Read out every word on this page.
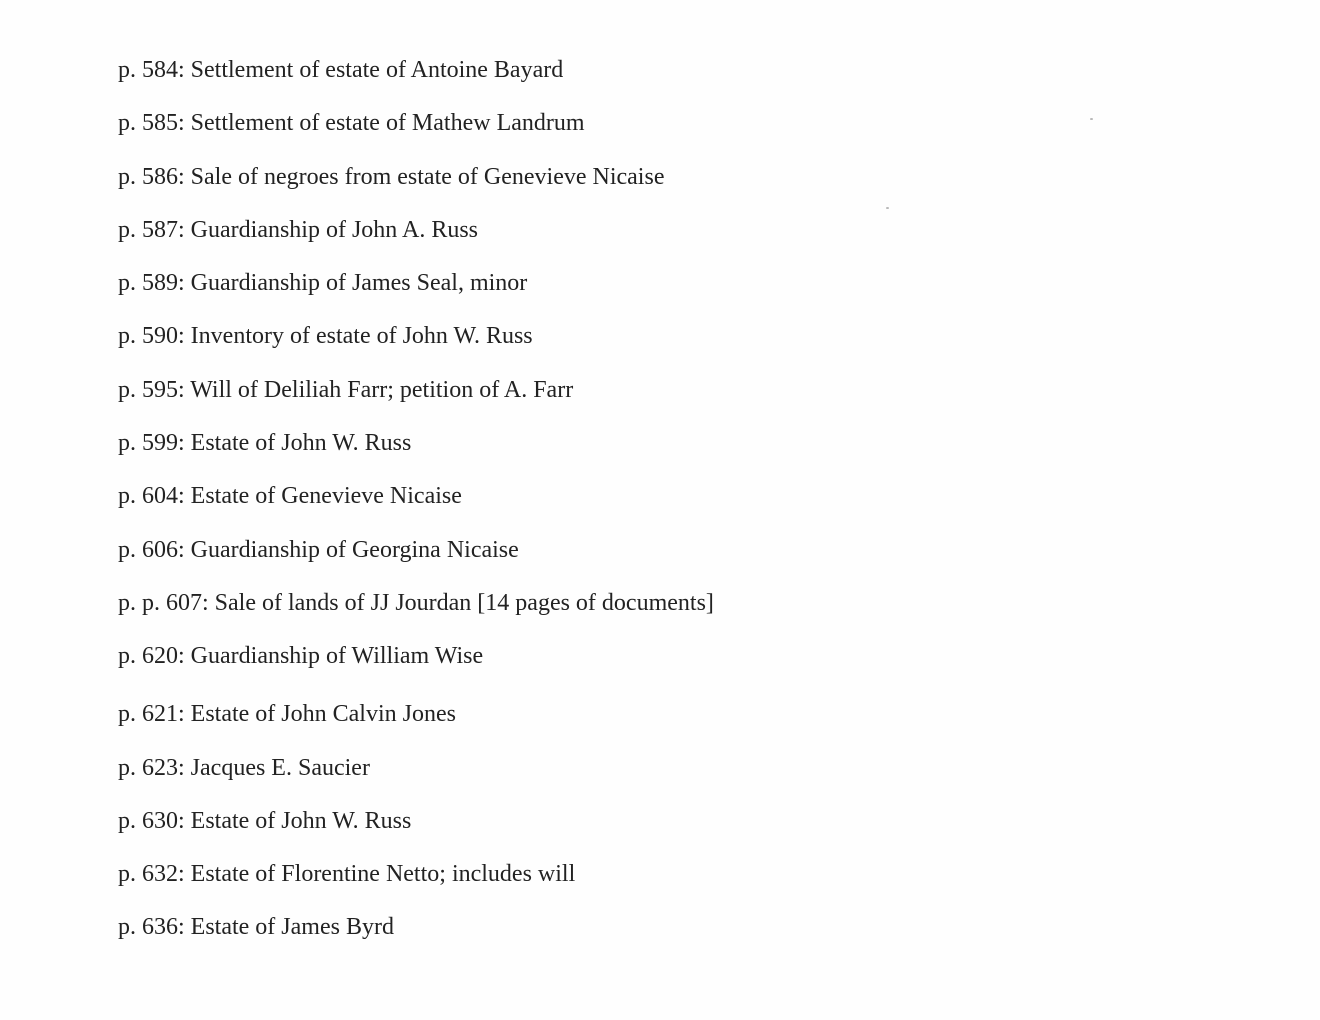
p. 584: Settlement of estate of Antoine Bayard
p. 585: Settlement of estate of Mathew Landrum
p. 586: Sale of negroes from estate of Genevieve Nicaise
p. 587: Guardianship of John A. Russ
p. 589: Guardianship of James Seal, minor
p. 590: Inventory of estate of John W. Russ
p. 595: Will of Deliliah Farr; petition of A. Farr
p. 599: Estate of John W. Russ
p. 604: Estate of Genevieve Nicaise
p. 606: Guardianship of Georgina Nicaise
p. p. 607: Sale of lands of JJ Jourdan [14 pages of documents]
p. 620: Guardianship of William Wise
p. 621: Estate of John Calvin Jones
p. 623: Jacques E. Saucier
p. 630: Estate of John W. Russ
p. 632: Estate of Florentine Netto; includes will
p. 636: Estate of James Byrd
